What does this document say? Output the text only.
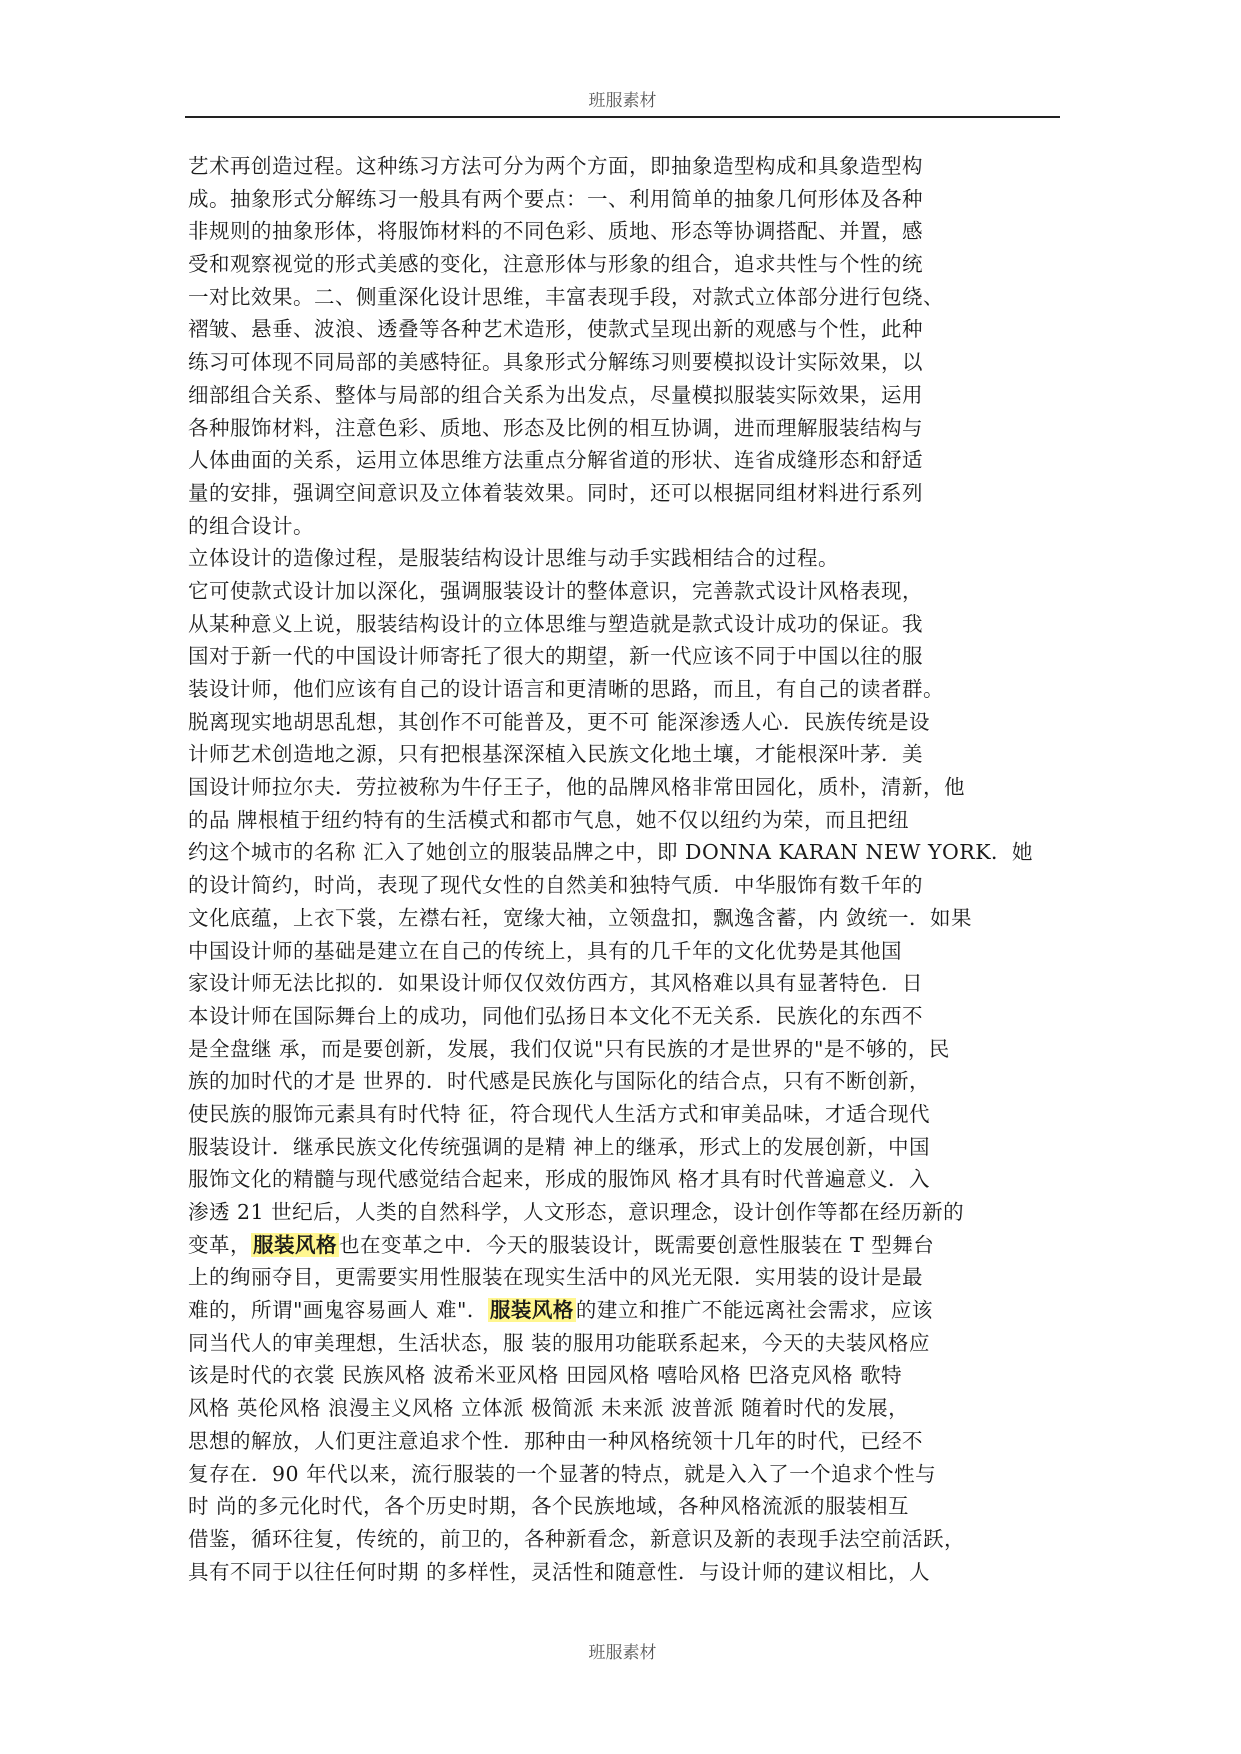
班服素材
艺术再创造过程。这种练习方法可分为两个方面，即抽象造型构成和具象造型构
成。抽象形式分解练习一般具有两个要点：一、利用简单的抽象几何形体及各种
非规则的抽象形体，将服饰材料的不同色彩、质地、形态等协调搭配、并置，感
受和观察视觉的形式美感的变化，注意形体与形象的组合，追求共性与个性的统
一对比效果。二、侧重深化设计思维，丰富表现手段，对款式立体部分进行包绕、
褶皱、悬垂、波浪、透叠等各种艺术造形，使款式呈现出新的观感与个性，此种
练习可体现不同局部的美感特征。具象形式分解练习则要模拟设计实际效果，以
细部组合关系、整体与局部的组合关系为出发点，尽量模拟服装实际效果，运用
各种服饰材料，注意色彩、质地、形态及比例的相互协调，进而理解服装结构与
人体曲面的关系，运用立体思维方法重点分解省道的形状、连省成缝形态和舒适
量的安排，强调空间意识及立体着装效果。同时，还可以根据同组材料进行系列
的组合设计。
立体设计的造像过程，是服装结构设计思维与动手实践相结合的过程。
它可使款式设计加以深化，强调服装设计的整体意识，完善款式设计风格表现，
从某种意义上说，服装结构设计的立体思维与塑造就是款式设计成功的保证。我
国对于新一代的中国设计师寄托了很大的期望，新一代应该不同于中国以往的服
装设计师，他们应该有自己的设计语言和更清晰的思路，而且，有自己的读者群。
脱离现实地胡思乱想，其创作不可能普及，更不可 能深渗透人心．民族传统是设
计师艺术创造地之源，只有把根基深深植入民族文化地土壤，才能根深叶茅．美
国设计师拉尔夫．劳拉被称为牛仔王子，他的品牌风格非常田园化，质朴，清新，他
的品 牌根植于纽约特有的生活模式和都市气息，她不仅以纽约为荣，而且把纽
约这个城市的名称 汇入了她创立的服装品牌之中，即 DONNA KARAN NEW YORK．她
的设计简约，时尚，表现了现代女性的自然美和独特气质．中华服饰有数千年的
文化底蕴，上衣下裳，左襟右衽，宽缘大袖，立领盘扣，飘逸含蓄，内 敛统一．如果
中国设计师的基础是建立在自己的传统上，具有的几千年的文化优势是其他国
家设计师无法比拟的．如果设计师仅仅效仿西方，其风格难以具有显著特色．日
本设计师在国际舞台上的成功，同他们弘扬日本文化不无关系．民族化的东西不
是全盘继 承，而是要创新，发展，我们仅说"只有民族的才是世界的"是不够的，民
族的加时代的才是 世界的．时代感是民族化与国际化的结合点，只有不断创新，
使民族的服饰元素具有时代特 征，符合现代人生活方式和审美品味，才适合现代
服装设计．继承民族文化传统强调的是精 神上的继承，形式上的发展创新，中国
服饰文化的精髓与现代感觉结合起来，形成的服饰风 格才具有时代普遍意义．入
渗透 21 世纪后，人类的自然科学，人文形态，意识理念，设计创作等都在经历新的
变革，服装风格也在变革之中．今天的服装设计，既需要创意性服装在 T 型舞台
上的绚丽夺目，更需要实用性服装在现实生活中的风光无限．实用装的设计是最
难的，所谓"画鬼容易画人 难"．服装风格的建立和推广不能远离社会需求，应该
同当代人的审美理想，生活状态，服 装的服用功能联系起来，今天的夫装风格应
该是时代的衣裳 民族风格 波希米亚风格 田园风格 嘻哈风格 巴洛克风格 歌特
风格 英伦风格 浪漫主义风格 立体派 极简派 未来派 波普派 随着时代的发展，
思想的解放，人们更注意追求个性．那种由一种风格统领十几年的时代，已经不
复存在．90 年代以来，流行服装的一个显著的特点，就是入入了一个追求个性与
时 尚的多元化时代，各个历史时期，各个民族地域，各种风格流派的服装相互
借鉴，循环往复，传统的，前卫的，各种新看念，新意识及新的表现手法空前活跃，
具有不同于以往任何时期 的多样性，灵活性和随意性．与设计师的建议相比，人
班服素材
